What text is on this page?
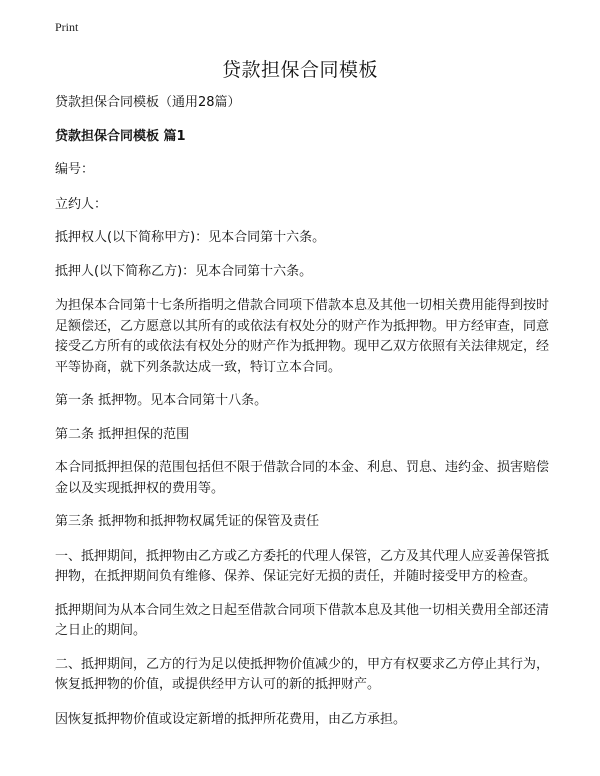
Print
贷款担保合同模板

贷款担保合同模板（通用28篇）

贷款担保合同模板 篇1

编号：

立约人：

抵押权人(以下简称甲方)：见本合同第十六条。

抵押人(以下简称乙方)：见本合同第十六条。

为担保本合同第十七条所指明之借款合同项下借款本息及其他一切相关费用能得到按时足额偿还，乙方愿意以其所有的或依法有权处分的财产作为抵押物。甲方经审查，同意接受乙方所有的或依法有权处分的财产作为抵押物。现甲乙双方依照有关法律规定，经平等协商，就下列条款达成一致，特订立本合同。

第一条 抵押物。见本合同第十八条。

第二条 抵押担保的范围

本合同抵押担保的范围包括但不限于借款合同的本金、利息、罚息、违约金、损害赔偿金以及实现抵押权的费用等。

第三条 抵押物和抵押物权属凭证的保管及责任

一、抵押期间，抵押物由乙方或乙方委托的代理人保管，乙方及其代理人应妥善保管抵押物，在抵押期间负有维修、保养、保证完好无损的责任，并随时接受甲方的检查。

抵押期间为从本合同生效之日起至借款合同项下借款本息及其他一切相关费用全部还清之日止的期间。

二、抵押期间，乙方的行为足以使抵押物价值减少的，甲方有权要求乙方停止其行为，恢复抵押物的价值，或提供经甲方认可的新的抵押财产。

因恢复抵押物价值或设定新增的抵押所花费用，由乙方承担。
